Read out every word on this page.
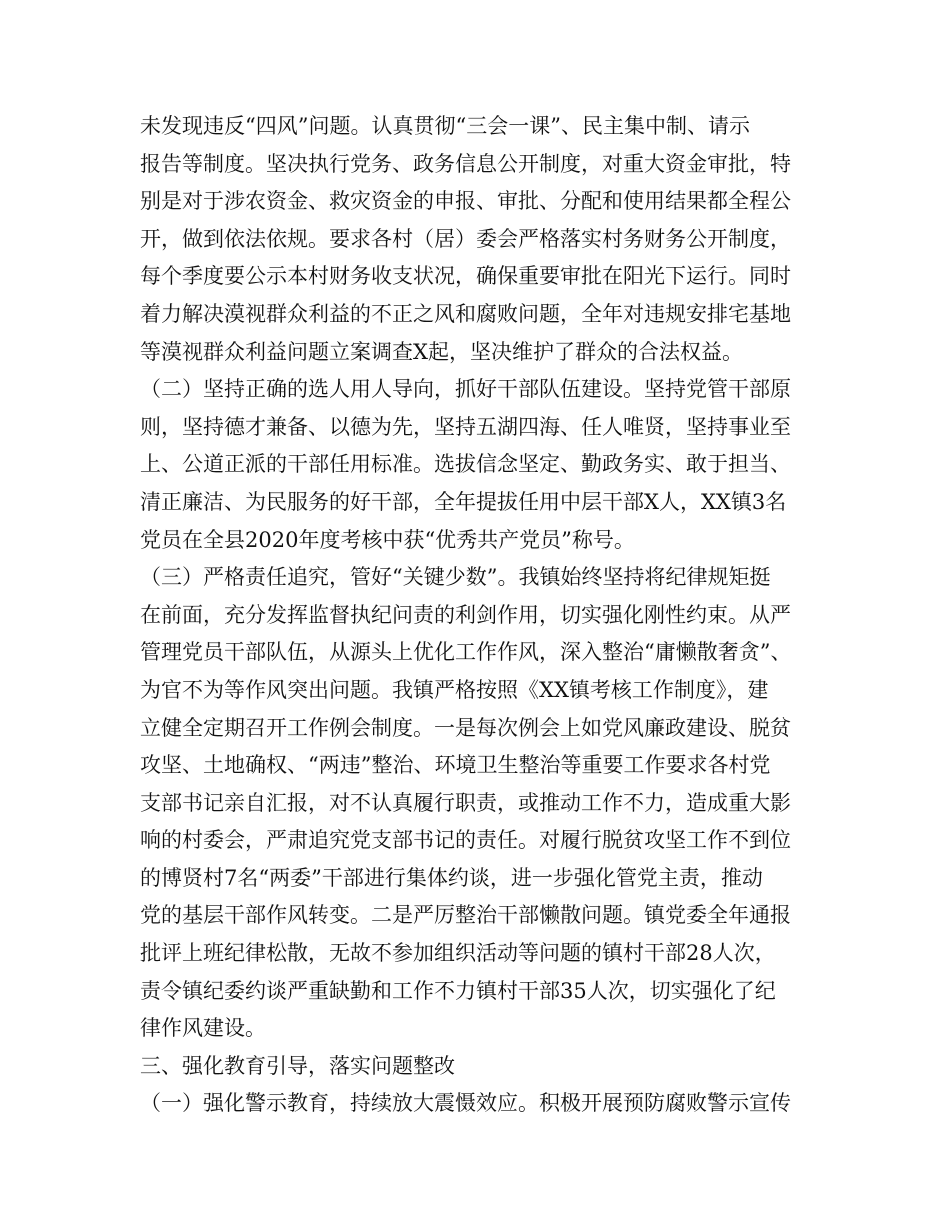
未发现违反“四风”问题。认真贯彻“三会一课”、民主集中制、请示
报告等制度。坚决执行党务、政务信息公开制度，对重大资金审批，特
别是对于涉农资金、救灾资金的申报、审批、分配和使用结果都全程公
开，做到依法依规。要求各村（居）委会严格落实村务财务公开制度，
每个季度要公示本村财务收支状况，确保重要审批在阳光下运行。同时
着力解决漠视群众利益的不正之风和腐败问题，全年对违规安排宅基地
等漠视群众利益问题立案调查X起，坚决维护了群众的合法权益。
（二）坚持正确的选人用人导向，抓好干部队伍建设。坚持党管干部原
则，坚持德才兼备、以德为先，坚持五湖四海、任人唯贤，坚持事业至
上、公道正派的干部任用标准。选拔信念坚定、勤政务实、敢于担当、
清正廉洁、为民服务的好干部，全年提拔任用中层干部X人，XX镇3名
党员在全县2020年度考核中获“优秀共产党员”称号。
（三）严格责任追究，管好“关键少数”。我镇始终坚持将纪律规矩挺
在前面，充分发挥监督执纪问责的利剑作用，切实强化刚性约束。从严
管理党员干部队伍，从源头上优化工作作风，深入整治“庸懒散奢贪”、
为官不为等作风突出问题。我镇严格按照《XX镇考核工作制度》，建
立健全定期召开工作例会制度。一是每次例会上如党风廉政建设、脱贫
攻坚、土地确权、“两违”整治、环境卫生整治等重要工作要求各村党
支部书记亲自汇报，对不认真履行职责，或推动工作不力，造成重大影
响的村委会，严肃追究党支部书记的责任。对履行脱贫攻坚工作不到位
的博贤村7名“两委”干部进行集体约谈，进一步强化管党主责，推动
党的基层干部作风转变。二是严厉整治干部懒散问题。镇党委全年通报
批评上班纪律松散，无故不参加组织活动等问题的镇村干部28人次，
责令镇纪委约谈严重缺勤和工作不力镇村干部35人次，切实强化了纪
律作风建设。
三、强化教育引导，落实问题整改
（一）强化警示教育，持续放大震慑效应。积极开展预防腐败警示宣传
